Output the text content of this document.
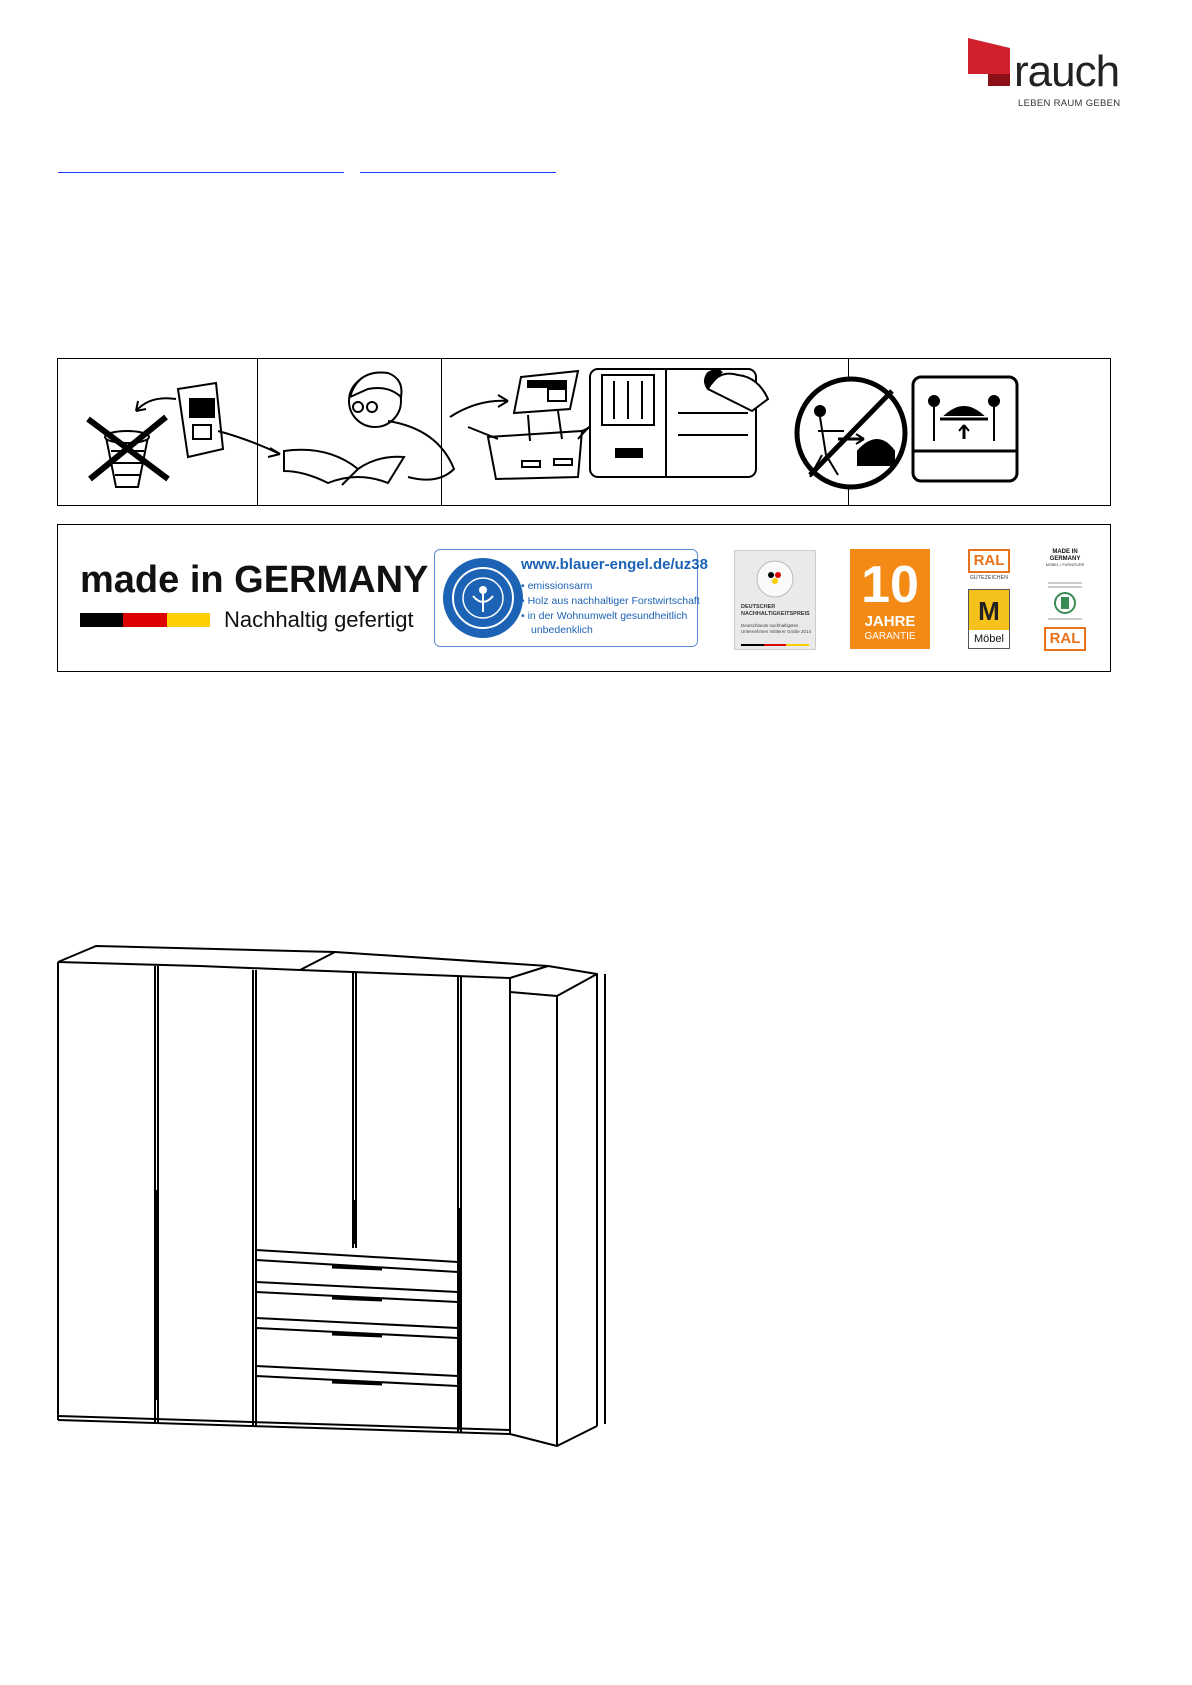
rauch
LEBEN RAUM GEBEN
made in GERMANY
Nachhaltig gefertigt
www.blauer-engel.de/uz38
• emissionsarm
• Holz aus nachhaltiger Forstwirtschaft
• in der Wohnumwelt gesundheitlich
unbedenklich
DEUTSCHER NACHHALTIGKEITSPREIS
Deutschlands nachhaltigstes Unternehmen mittlerer Größe 2014
10
JAHRE
GARANTIE
RAL
GÜTEZEICHEN
M
Möbel
MADE IN GERMANY
MÖBEL • FURNITURE
RAL
